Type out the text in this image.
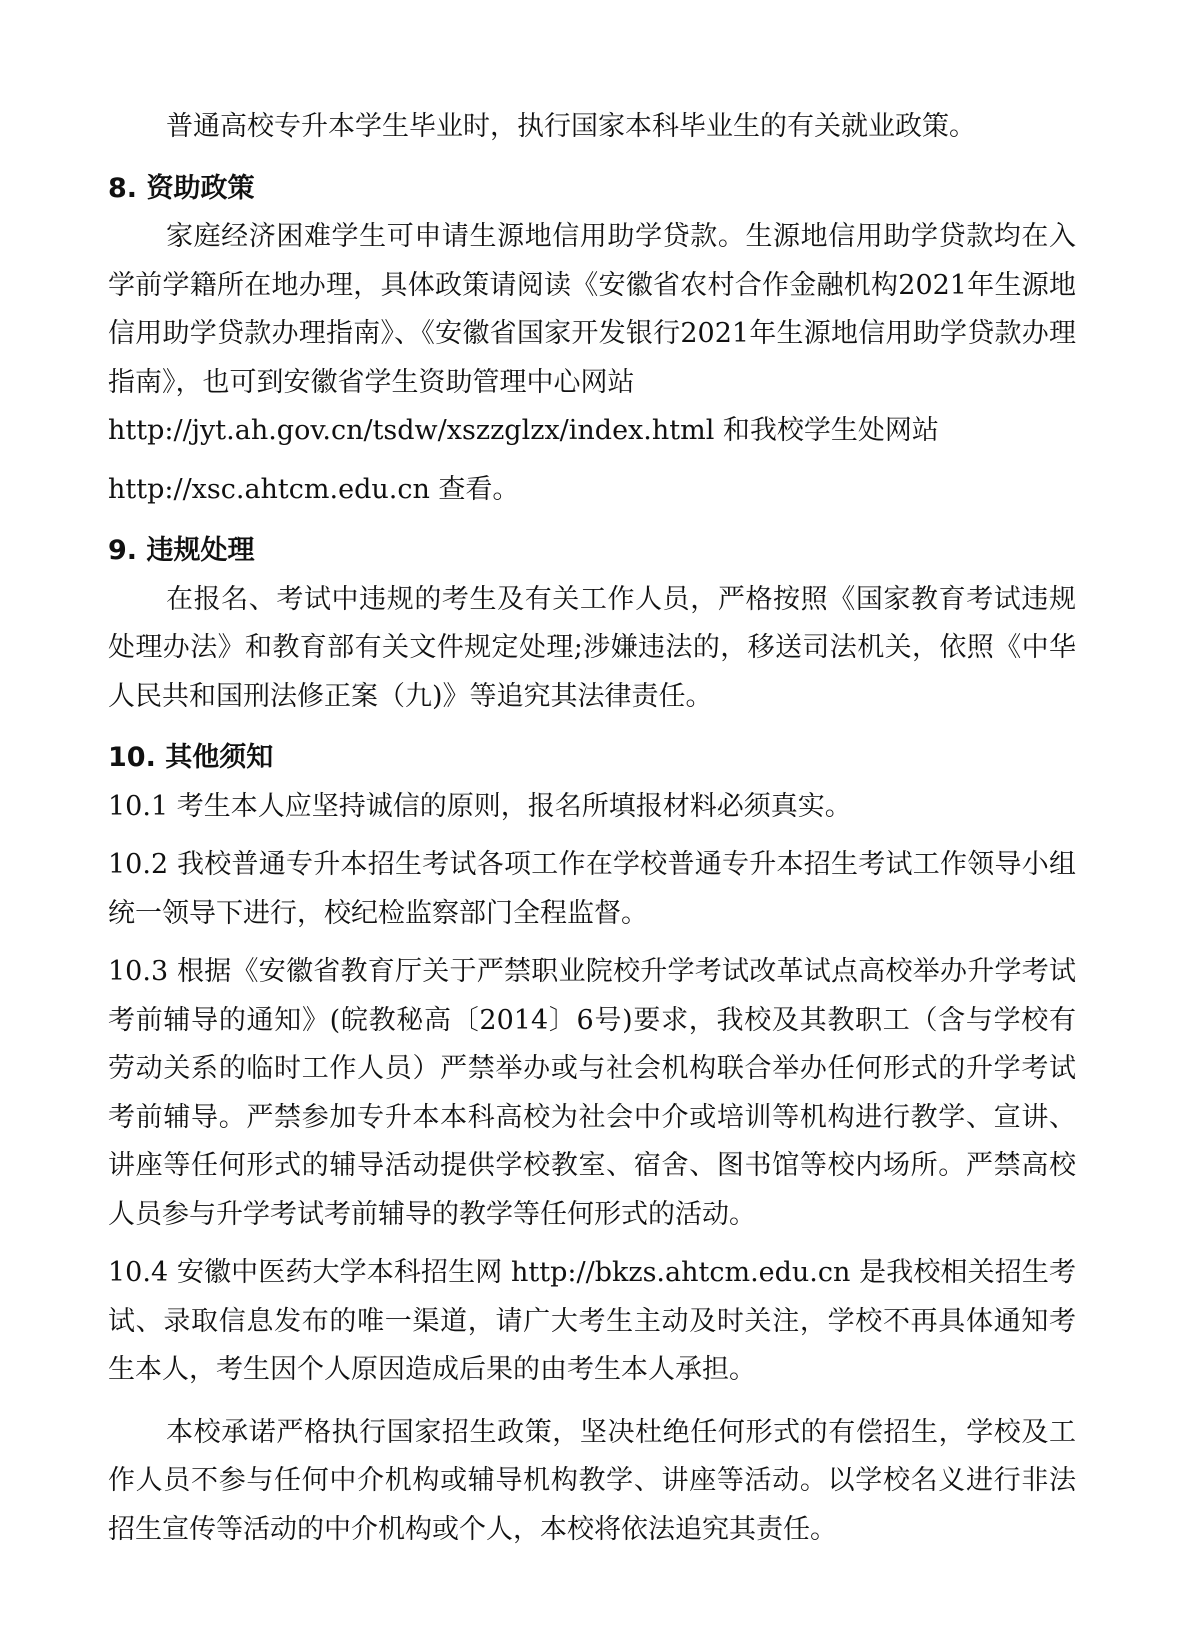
普通高校专升本学生毕业时，执行国家本科毕业生的有关就业政策。

8. 资助政策

家庭经济困难学生可申请生源地信用助学贷款。生源地信用助学贷款均在入学前学籍所在地办理，具体政策请阅读《安徽省农村合作金融机构2021年生源地信用助学贷款办理指南》、《安徽省国家开发银行2021年生源地信用助学贷款办理指南》，也可到安徽省学生资助管理中心网站

http://jyt.ah.gov.cn/tsdw/xszzglzx/index.html 和我校学生处网站

http://xsc.ahtcm.edu.cn 查看。

9. 违规处理

在报名、考试中违规的考生及有关工作人员，严格按照《国家教育考试违规处理办法》和教育部有关文件规定处理;涉嫌违法的，移送司法机关，依照《中华人民共和国刑法修正案（九)》等追究其法律责任。

10. 其他须知

10.1 考生本人应坚持诚信的原则，报名所填报材料必须真实。

10.2 我校普通专升本招生考试各项工作在学校普通专升本招生考试工作领导小组统一领导下进行，校纪检监察部门全程监督。

10.3 根据《安徽省教育厅关于严禁职业院校升学考试改革试点高校举办升学考试考前辅导的通知》(皖教秘高〔2014〕6号)要求，我校及其教职工（含与学校有劳动关系的临时工作人员）严禁举办或与社会机构联合举办任何形式的升学考试考前辅导。严禁参加专升本本科高校为社会中介或培训等机构进行教学、宣讲、讲座等任何形式的辅导活动提供学校教室、宿舍、图书馆等校内场所。严禁高校人员参与升学考试考前辅导的教学等任何形式的活动。

10.4 安徽中医药大学本科招生网 http://bkzs.ahtcm.edu.cn 是我校相关招生考试、录取信息发布的唯一渠道，请广大考生主动及时关注，学校不再具体通知考生本人，考生因个人原因造成后果的由考生本人承担。

本校承诺严格执行国家招生政策，坚决杜绝任何形式的有偿招生，学校及工作人员不参与任何中介机构或辅导机构教学、讲座等活动。以学校名义进行非法招生宣传等活动的中介机构或个人，本校将依法追究其责任。
